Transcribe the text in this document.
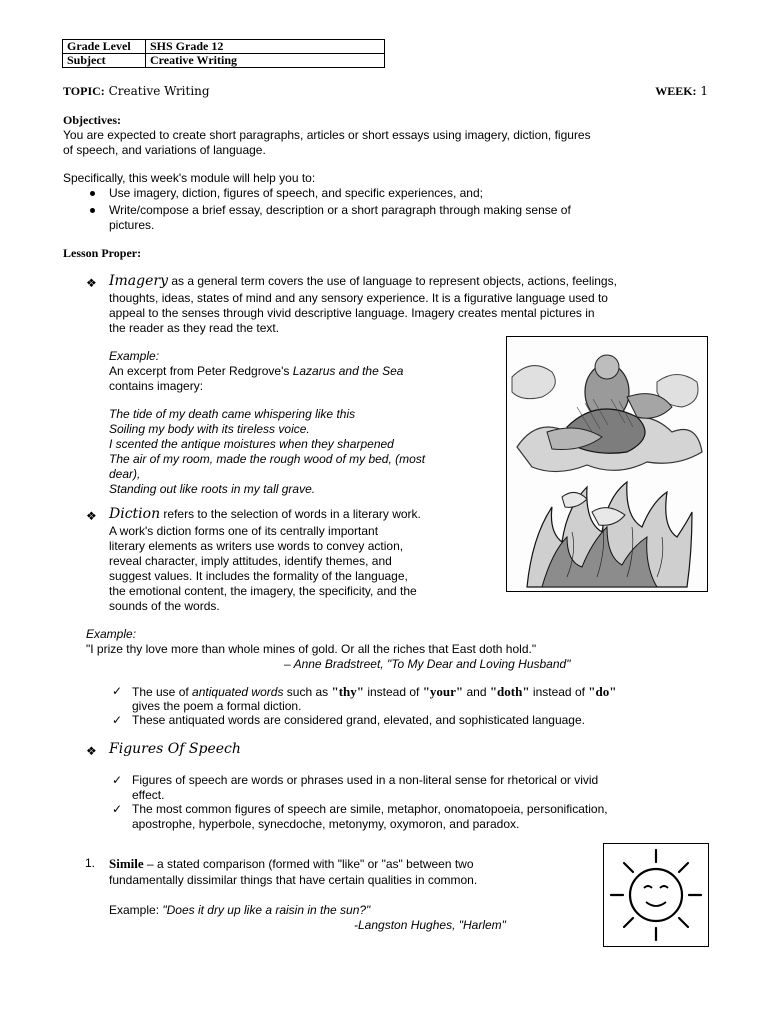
Grade Level	SHS Grade 12
Subject	Creative Writing
TOPIC: Creative Writing	WEEK: 1
Objectives:
You are expected to create short paragraphs, articles or short essays using imagery, diction, figures
of speech, and variations of language.
Specifically, this week's module will help you to:
Use imagery, diction, figures of speech, and specific experiences, and;
Write/compose a brief essay, description or a short paragraph through making sense of
pictures.
Lesson Proper:
❖ Imagery as a general term covers the use of language to represent objects, actions, feelings,
thoughts, ideas, states of mind and any sensory experience. It is a figurative language used to
appeal to the senses through vivid descriptive language. Imagery creates mental pictures in
the reader as they read the text.
Example:
An excerpt from Peter Redgrove's Lazarus and the Sea
contains imagery:
The tide of my death came whispering like this
Soiling my body with its tireless voice.
I scented the antique moistures when they sharpened
The air of my room, made the rough wood of my bed, (most
dear),
Standing out like roots in my tall grave.
❖ Diction refers to the selection of words in a literary work.
A work's diction forms one of its centrally important
literary elements as writers use words to convey action,
reveal character, imply attitudes, identify themes, and
suggest values. It includes the formality of the language,
the emotional content, the imagery, the specificity, and the
sounds of the words.
Example:
"I prize thy love more than whole mines of gold. Or all the riches that East doth hold."
– Anne Bradstreet, "To My Dear and Loving Husband"
✓ The use of antiquated words such as "thy" instead of "your" and "doth" instead of "do"
gives the poem a formal diction.
✓ These antiquated words are considered grand, elevated, and sophisticated language.
❖ Figures Of Speech
✓ Figures of speech are words or phrases used in a non-literal sense for rhetorical or vivid
effect.
✓ The most common figures of speech are simile, metaphor, onomatopoeia, personification,
apostrophe, hyperbole, synecdoche, metonymy, oxymoron, and paradox.
1. Simile – a stated comparison (formed with "like" or "as" between two
fundamentally dissimilar things that have certain qualities in common.
Example: "Does it dry up like a raisin in the sun?"
-Langston Hughes, "Harlem"
